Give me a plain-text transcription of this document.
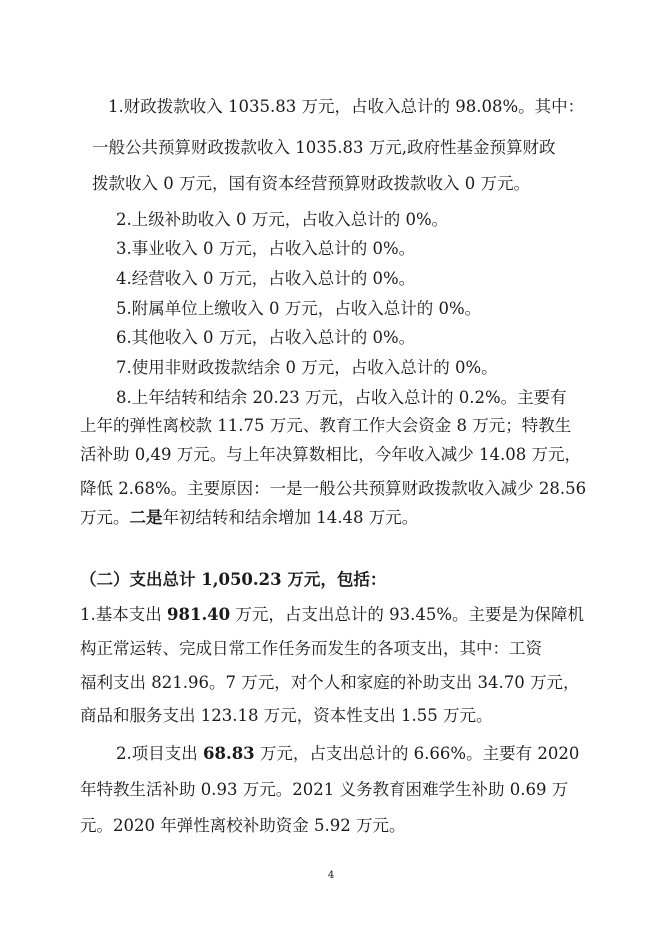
1.财政拨款收入 1035.83 万元，占收入总计的 98.08%。其中：
一般公共预算财政拨款收入 1035.83 万元,政府性基金预算财政
拨款收入 0 万元，国有资本经营预算财政拨款收入 0 万元。
2.上级补助收入 0 万元，占收入总计的 0%。
3.事业收入 0 万元，占收入总计的 0%。
4.经营收入 0 万元，占收入总计的 0%。
5.附属单位上缴收入 0 万元，占收入总计的 0%。
6.其他收入 0 万元，占收入总计的 0%。
7.使用非财政拨款结余 0 万元，占收入总计的 0%。
8.上年结转和结余 20.23 万元，占收入总计的 0.2%。主要有
上年的弹性离校款 11.75 万元、教育工作大会资金 8 万元；特教生
活补助 0,49 万元。与上年决算数相比，今年收入减少 14.08 万元，
降低 2.68%。主要原因：一是一般公共预算财政拨款收入减少 28.56
万元。二是年初结转和结余增加 14.48 万元。
（二）支出总计 1,050.23 万元，包括：
1.基本支出 981.40 万元，占支出总计的 93.45%。主要是为保障机
构正常运转、完成日常工作任务而发生的各项支出，其中：工资
福利支出 821.96。7 万元，对个人和家庭的补助支出 34.70 万元，
商品和服务支出 123.18 万元，资本性支出 1.55 万元。
2.项目支出 68.83 万元，占支出总计的 6.66%。主要有 2020
年特教生活补助 0.93 万元。2021 义务教育困难学生补助 0.69 万
元。2020 年弹性离校补助资金 5.92 万元。
4
